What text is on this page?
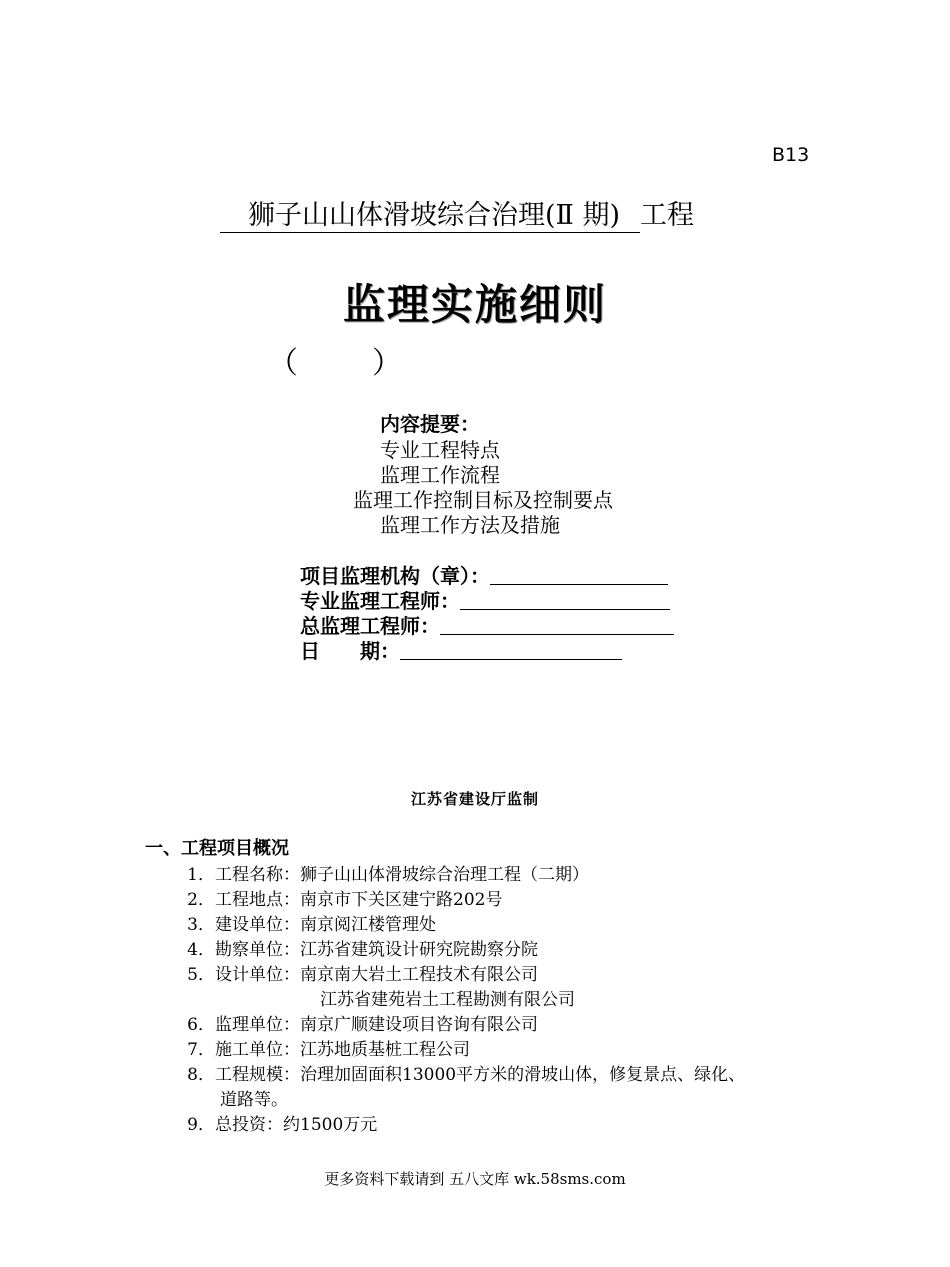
B13
狮子山山体滑坡综合治理(Ⅱ 期) 工程
监理实施细则
（ ）
内容提要：
专业工程特点
监理工作流程
监理工作控制目标及控制要点
监理工作方法及措施
项目监理机构（章）：
专业监理工程师：
总监理工程师：
日　　期：
江苏省建设厅监制
一、工程项目概况
1．工程名称：狮子山山体滑坡综合治理工程（二期）
2．工程地点：南京市下关区建宁路202号
3．建设单位：南京阅江楼管理处
4．勘察单位：江苏省建筑设计研究院勘察分院
5．设计单位：南京南大岩土工程技术有限公司
江苏省建苑岩土工程勘测有限公司
6．监理单位：南京广顺建设项目咨询有限公司
7．施工单位：江苏地质基桩工程公司
8．工程规模：治理加固面积13000平方米的滑坡山体，修复景点、绿化、
道路等。
9．总投资：约1500万元
更多资料下载请到 五八文库 wk.58sms.com
